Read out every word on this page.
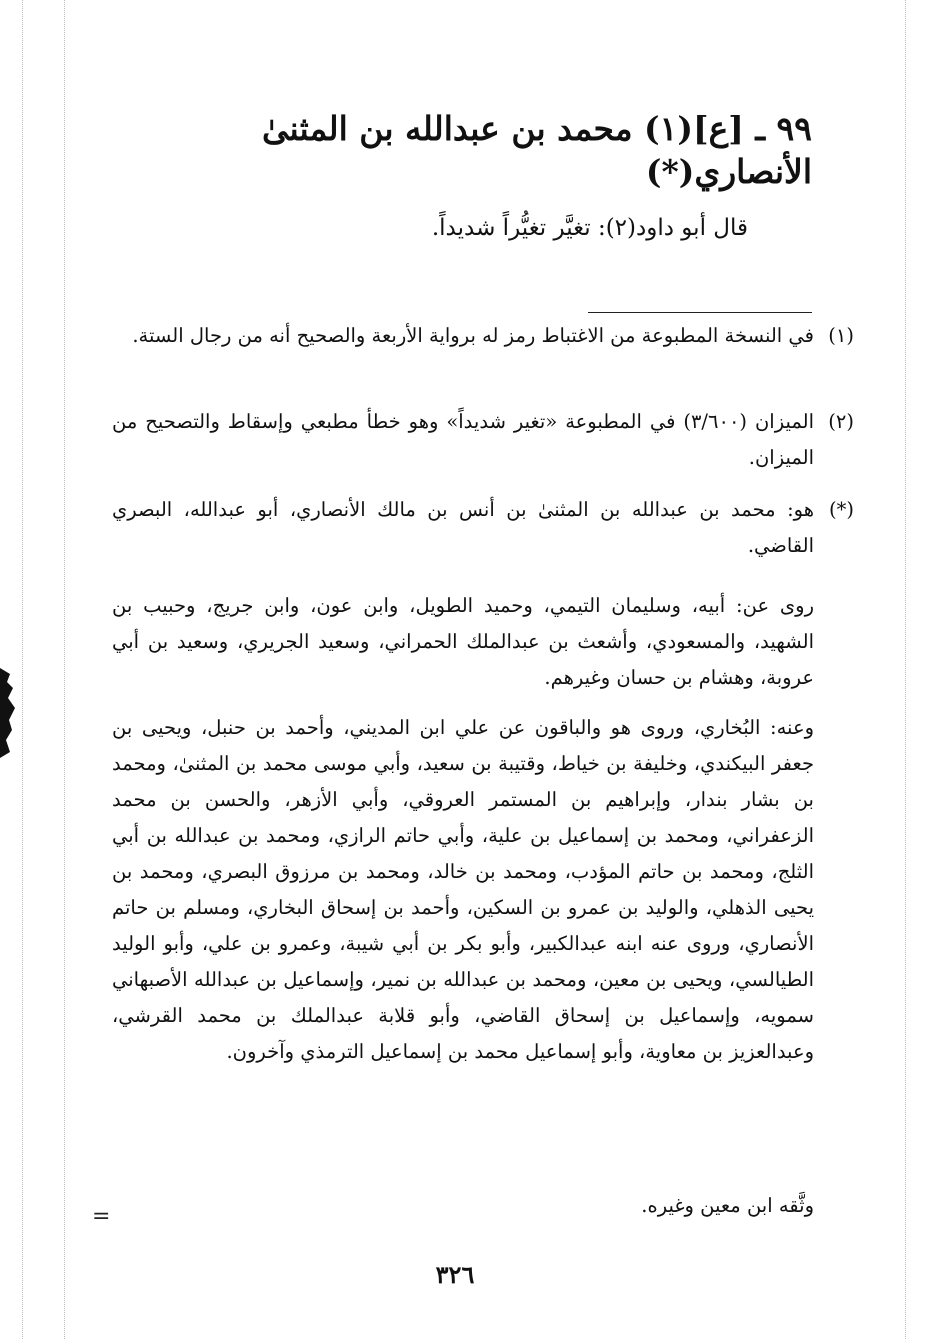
=
٩٩ ـ [ع](١) محمد بن عبدالله بن المثنىٰ الأنصاري(*)
قال أبو داود(٢): تغيَّر تغيُّراً شديداً.
(١)في النسخة المطبوعة من الاغتباط رمز له برواية الأربعة والصحيح أنه من رجال الستة.
(٢)الميزان (٣/٦٠٠) في المطبوعة «تغير شديداً» وهو خطأ مطبعي وإسقاط والتصحيح من الميزان.
(*)هو: محمد بن عبدالله بن المثنىٰ بن أنس بن مالك الأنصاري، أبو عبدالله، البصري القاضي.
روى عن: أبيه، وسليمان التيمي، وحميد الطويل، وابن عون، وابن جريج، وحبيب بن الشهيد، والمسعودي، وأشعث بن عبدالملك الحمراني، وسعيد الجريري، وسعيد بن أبي عروبة، وهشام بن حسان وغيرهم.
وعنه: البُخاري، وروى هو والباقون عن علي ابن المديني، وأحمد بن حنبل، ويحيى بن جعفر البيكندي، وخليفة بن خياط، وقتيبة بن سعيد، وأبي موسى محمد بن المثنىٰ، ومحمد بن بشار بندار، وإبراهيم بن المستمر العروقي، وأبي الأزهر، والحسن بن محمد الزعفراني، ومحمد بن إسماعيل بن علية، وأبي حاتم الرازي، ومحمد بن عبدالله بن أبي الثلج، ومحمد بن حاتم المؤدب، ومحمد بن خالد، ومحمد بن مرزوق البصري، ومحمد بن يحيى الذهلي، والوليد بن عمرو بن السكين، وأحمد بن إسحاق البخاري، ومسلم بن حاتم الأنصاري، وروى عنه ابنه عبدالكبير، وأبو بكر بن أبي شيبة، وعمرو بن علي، وأبو الوليد الطيالسي، ويحيى بن معين، ومحمد بن عبدالله بن نمير، وإسماعيل بن عبدالله الأصبهاني سمويه، وإسماعيل بن إسحاق القاضي، وأبو قلابة عبدالملك بن محمد القرشي، وعبدالعزيز بن معاوية، وأبو إسماعيل محمد بن إسماعيل الترمذي وآخرون.
وثَّقه ابن معين وغيره.
٣٢٦
